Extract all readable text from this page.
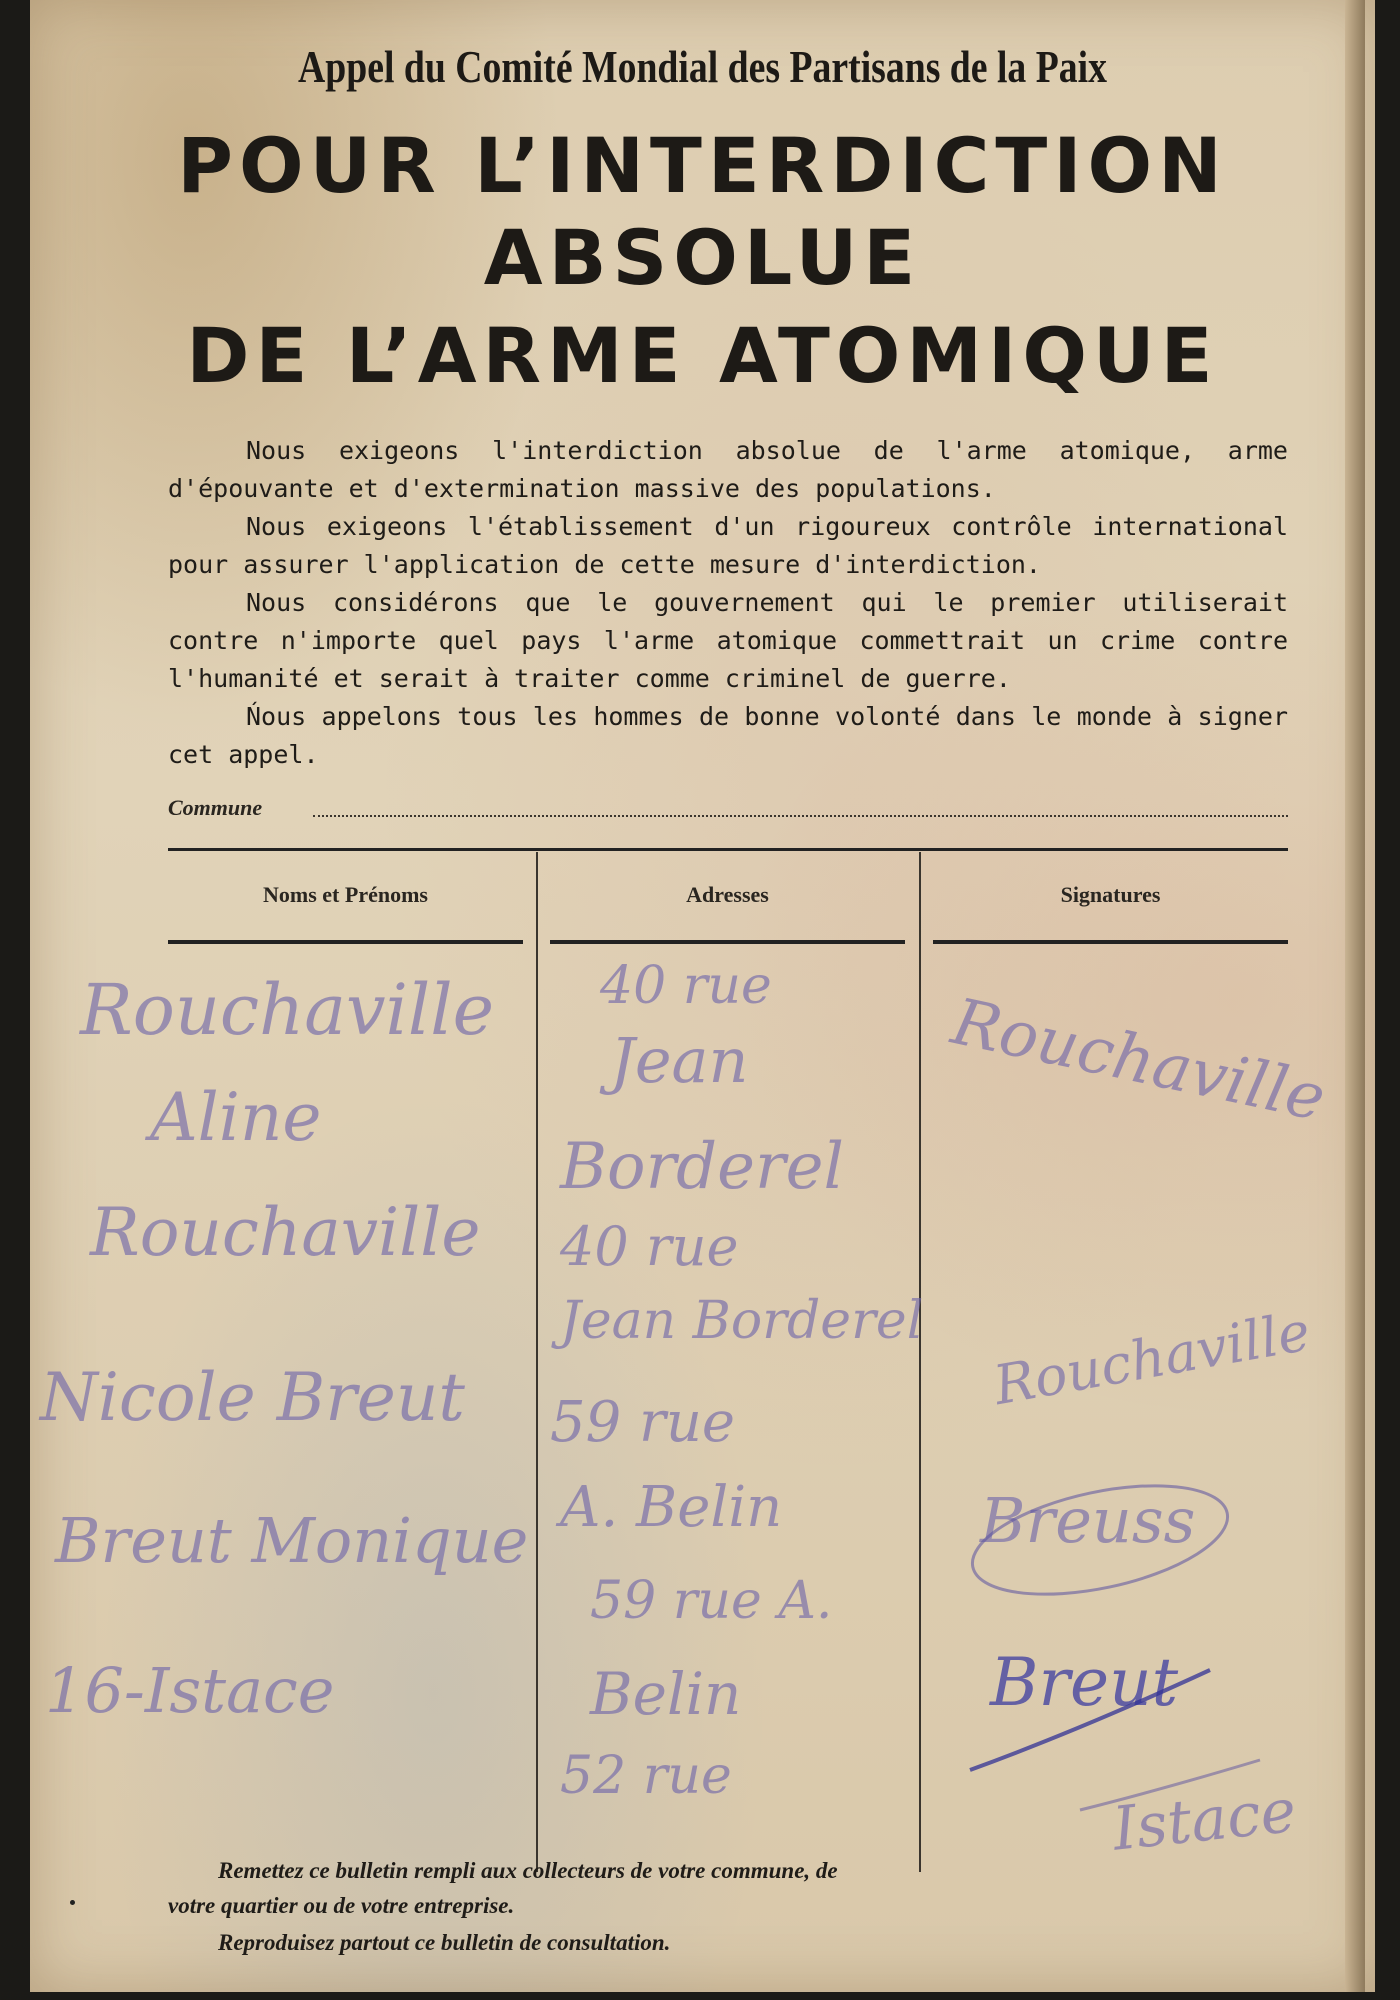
Appel du Comité Mondial des Partisans de la Paix
POUR L’INTERDICTION
ABSOLUE
DE L’ARME ATOMIQUE

Nous exigeons l'interdiction absolue de l'arme atomique, arme d'épouvante et d'extermination massive des populations.

Nous exigeons l'établissement d'un rigoureux contrôle international pour assurer l'application de cette mesure d'interdiction.

Nous considérons que le gouvernement qui le premier utiliserait contre n'importe quel pays l'arme atomique commettrait un crime contre l'humanité et serait à traiter comme criminel de guerre.

Ńous appelons tous les hommes de bonne volonté dans le monde à signer cet appel.

Commune
Noms et Prénoms	Adresses	Signatures
Rouchaville
Aline
Rouchaville
Nicole Breut
Breut Monique
16-Istace
40 rue
Jean
Borderel
40 rue
Jean Borderel
59 rue
A. Belin
59 rue A.
Belin
52 rue
Rouchaville
Rouchaville
Breuss
Breut
Istace
Remettez ce bulletin rempli aux collecteurs de votre commune, de
votre quartier ou de votre entreprise.
Reproduisez partout ce bulletin de consultation.
